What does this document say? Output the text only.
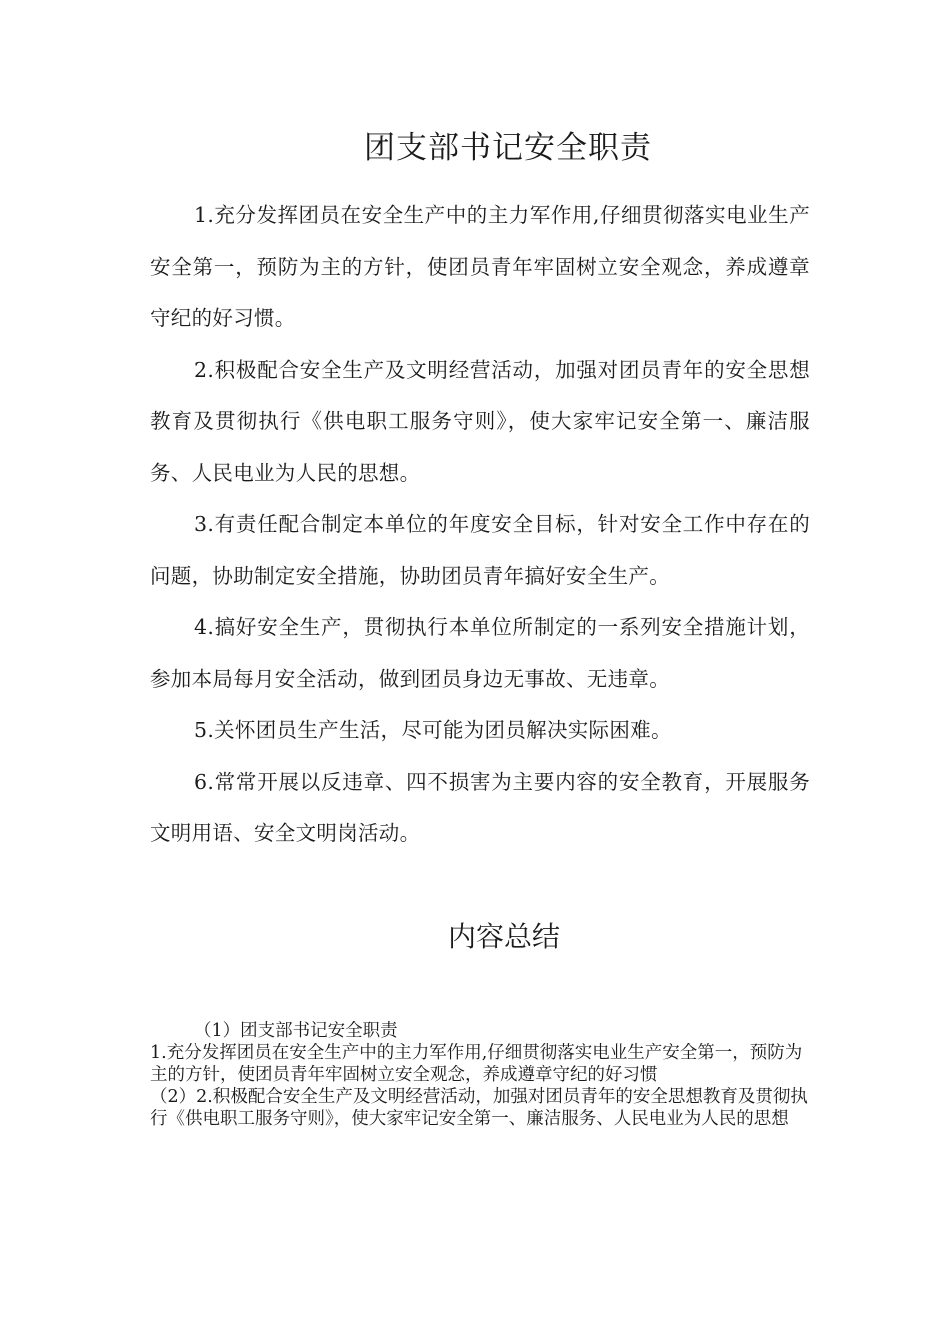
团支部书记安全职责

1.充分发挥团员在安全生产中的主力军作用,仔细贯彻落实电业生产安全第一，预防为主的方针，使团员青年牢固树立安全观念，养成遵章守纪的好习惯。

2.积极配合安全生产及文明经营活动，加强对团员青年的安全思想教育及贯彻执行《供电职工服务守则》，使大家牢记安全第一、廉洁服务、人民电业为人民的思想。

3.有责任配合制定本单位的年度安全目标，针对安全工作中存在的问题，协助制定安全措施，协助团员青年搞好安全生产。

4.搞好安全生产，贯彻执行本单位所制定的一系列安全措施计划，参加本局每月安全活动，做到团员身边无事故、无违章。

5.关怀团员生产生活，尽可能为团员解决实际困难。

6.常常开展以反违章、四不损害为主要内容的安全教育，开展服务文明用语、安全文明岗活动。

内容总结

（1）团支部书记安全职责

1.充分发挥团员在安全生产中的主力军作用,仔细贯彻落实电业生产安全第一，预防为主的方针，使团员青年牢固树立安全观念，养成遵章守纪的好习惯

（2）2.积极配合安全生产及文明经营活动，加强对团员青年的安全思想教育及贯彻执行《供电职工服务守则》，使大家牢记安全第一、廉洁服务、人民电业为人民的思想
